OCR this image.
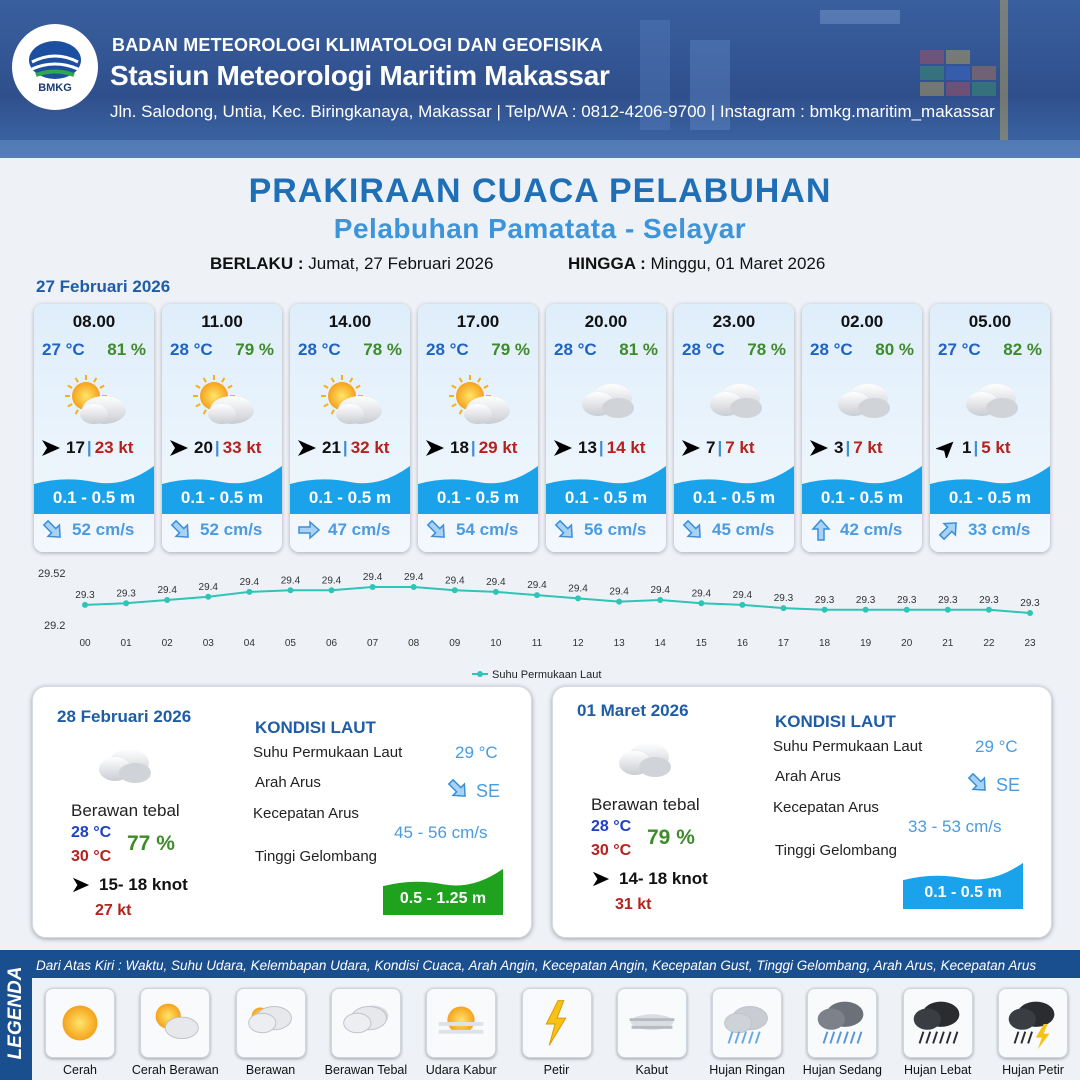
BMKG
BADAN METEOROLOGI KLIMATOLOGI DAN GEOFISIKA
Stasiun Meteorologi Maritim Makassar
Jln. Salodong, Untia, Kec. Biringkanaya, Makassar | Telp/WA : 0812-4206-9700 | Instagram : bmkg.maritim_makassar
PRAKIRAAN CUACA PELABUHAN
Pelabuhan Pamatata - Selayar
BERLAKU : Jumat, 27 Februari 2026	HINGGA : Minggu, 01 Maret 2026
27 Februari 2026
08.00
27 °C 81 %
17 | 23 kt
0.1 - 0.5 m
52 cm/s
11.00
28 °C 79 %
20 | 33 kt
0.1 - 0.5 m
52 cm/s
14.00
28 °C 78 %
21 | 32 kt
0.1 - 0.5 m
47 cm/s
17.00
28 °C 79 %
18 | 29 kt
0.1 - 0.5 m
54 cm/s
20.00
28 °C 81 %
13 | 14 kt
0.1 - 0.5 m
56 cm/s
23.00
28 °C 78 %
7 | 7 kt
0.1 - 0.5 m
45 cm/s
02.00
28 °C 80 %
3 | 7 kt
0.1 - 0.5 m
42 cm/s
05.00
27 °C 82 %
1 | 5 kt
0.1 - 0.5 m
33 cm/s
29.52
29.2
29.3
00
29.3
01
29.4
02
29.4
03
29.4
04
29.4
05
29.4
06
29.4
07
29.4
08
29.4
09
29.4
10
29.4
11
29.4
12
29.4
13
29.4
14
29.4
15
29.4
16
29.3
17
29.3
18
29.3
19
29.3
20
29.3
21
29.3
22
29.3
23
Suhu Permukaan Laut
28 Februari 2026
Berawan tebal
28 °C
30 °C
77 %
15- 18 knot
27 kt
KONDISI LAUT
Suhu Permukaan Laut	29 °C
Arah Arus	SE
Kecepatan Arus
45 - 56 cm/s
Tinggi Gelombang
0.5 - 1.25 m
01 Maret 2026
Berawan tebal
28 °C
30 °C
79 %
14- 18 knot
31 kt
KONDISI LAUT
Suhu Permukaan Laut	29 °C
Arah Arus	SE
Kecepatan Arus
33 - 53 cm/s
Tinggi Gelombang
0.1 - 0.5 m
LEGENDA
Dari Atas Kiri : Waktu, Suhu Udara, Kelembapan Udara, Kondisi Cuaca, Arah Angin, Kecepatan Angin, Kecepatan Gust, Tinggi Gelombang, Arah Arus, Kecepatan Arus
Cerah	Cerah Berawan	Berawan	Berawan Tebal	Udara Kabur	Petir	Kabut	Hujan Ringan	Hujan Sedang	Hujan Lebat	Hujan Petir
